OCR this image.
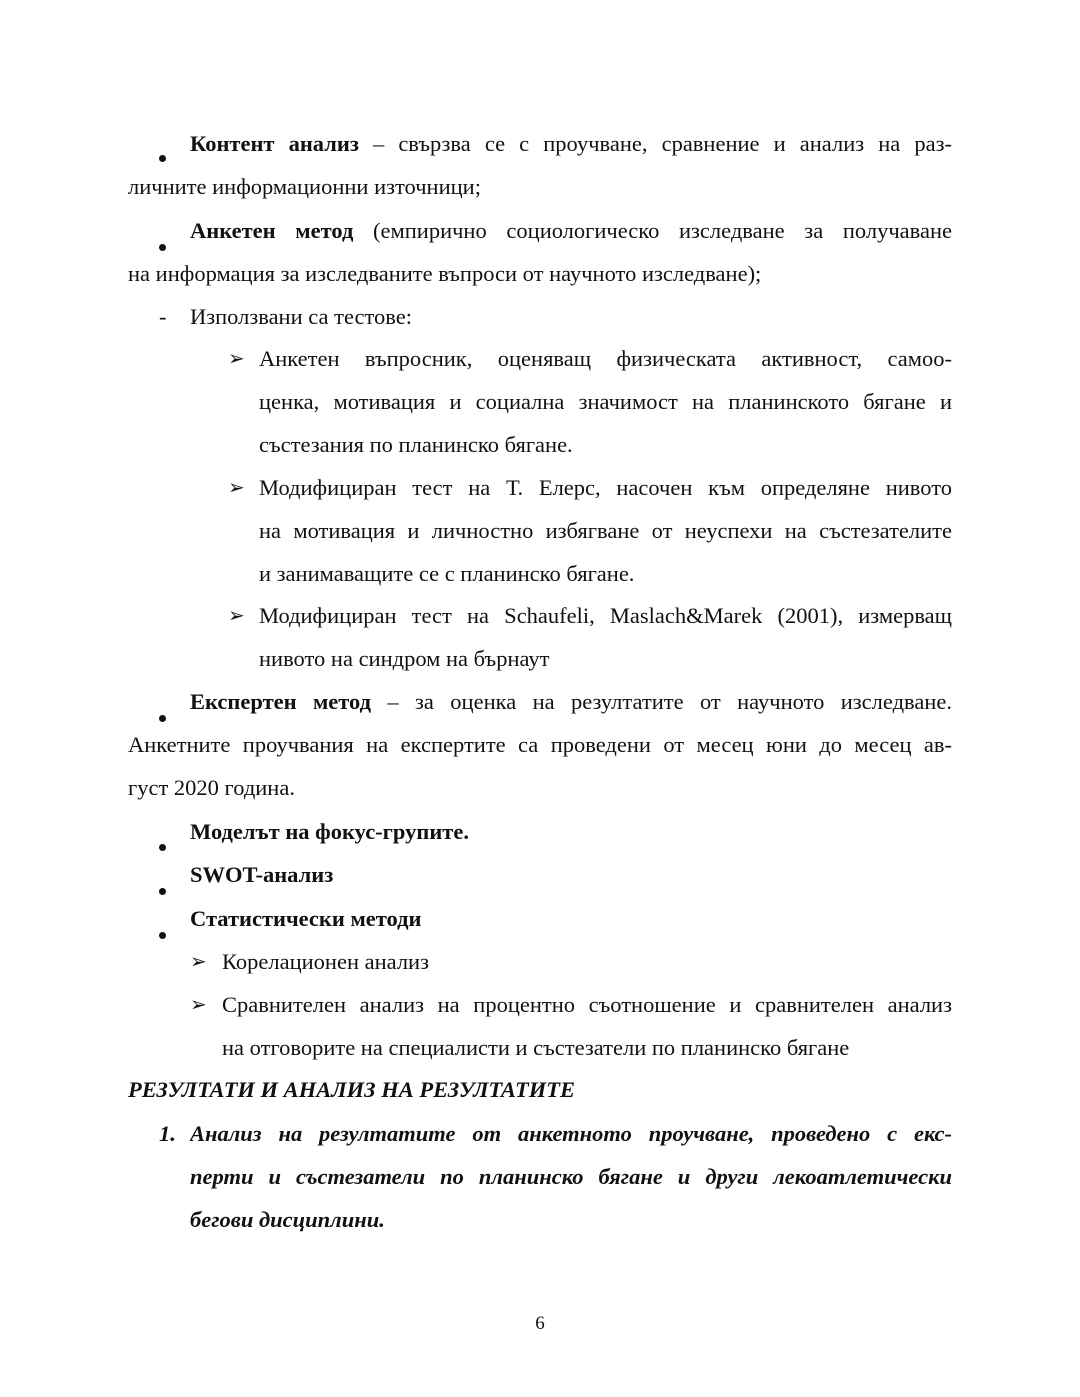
Контент анализ – свързва се с проучване, сравнение и анализ на раз-
личните информационни източници;
Анкетен метод (емпирично социологическо изследване за получаване
на информация за изследваните въпроси от научното изследване);
- Използвани са тестове:
➢ Анкетен въпросник, оценяващ физическата активност, самоо-
ценка, мотивация и социална значимост на планинското бягане и
състезания по планинско бягане.
➢ Модифициран тест на Т. Елерс, насочен към определяне нивото
на мотивация и личностно избягване от неуспехи на състезателите
и занимаващите се с планинско бягане.
➢ Модифициран тест на Schaufeli, Maslach&Marek (2001), измерващ
нивото на синдром на бърнаут
Експертен метод – за оценка на резултатите от научното изследване.
Анкетните проучвания на експертите са проведени от месец юни до месец ав-
густ 2020 година.
Моделът на фокус-групите.
SWOT-анализ
Статистически методи
➢ Корелационен анализ
➢ Сравнителен анализ на процентно съотношение и сравнителен анализ
на отговорите на специалисти и състезатели по планинско бягане
РЕЗУЛТАТИ И АНАЛИЗ НА РЕЗУЛТАТИТЕ
1. Анализ на резултатите от анкетното проучване, проведено с екс-
перти и състезатели по планинско бягане и други лекоатлетически
бегови дисциплини.
6
